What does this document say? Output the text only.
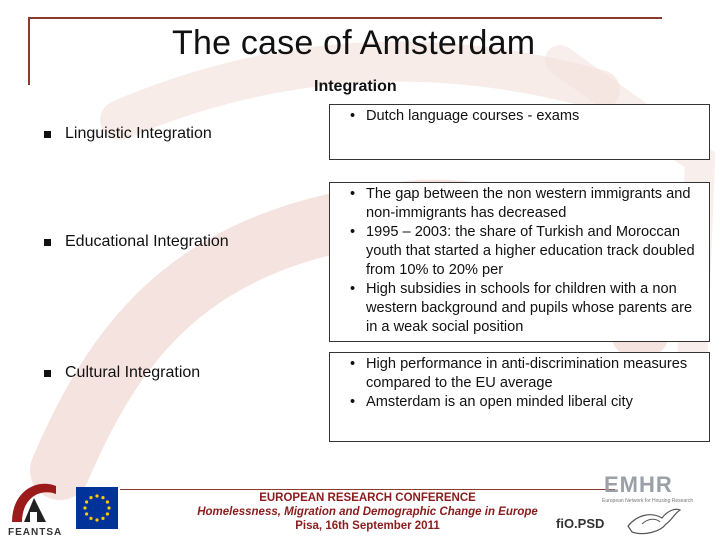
The case of Amsterdam
Integration
Linguistic Integration
• Dutch language courses - exams
Educational Integration
• The gap between the non western immigrants and non-immigrants has decreased
• 1995 – 2003: the share of Turkish and Moroccan youth that started a higher education track doubled from 10% to 20% per
• High subsidies in schools for children with a non western background and pupils whose parents are in a weak social position
Cultural Integration
•	High performance in anti-discrimination measures compared to the EU average
• Amsterdam is an open minded liberal city
EUROPEAN RESEARCH CONFERENCE
Homelessness, Migration and Demographic Change in Europe
Pisa, 16th September 2011
FEANTSA
EMHR
European Network for Housing Research
fiO.PSD
